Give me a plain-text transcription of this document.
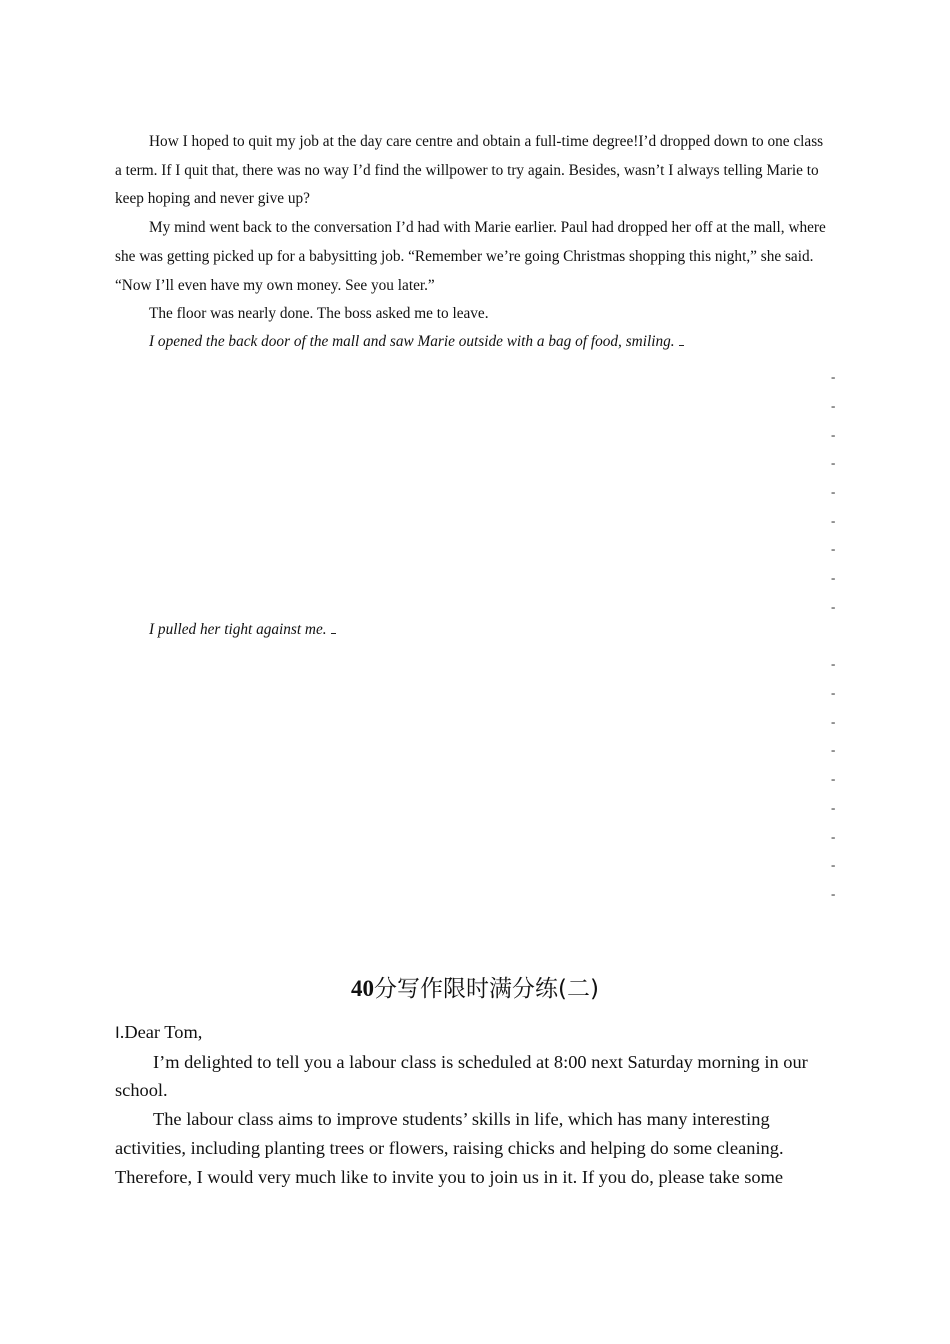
How I hoped to quit my job at the day care centre and obtain a full-time degree!I’d dropped down to one class a term. If I quit that, there was no way I’d find the willpower to try again. Besides, wasn’t I always telling Marie to keep hoping and never give up?

My mind went back to the conversation I’d had with Marie earlier. Paul had dropped her off at the mall, where she was getting picked up for a babysitting job. “Remember we’re going Christmas shopping this night,” she said. “Now I’ll even have my own money. See you later.”

The floor was nearly done. The boss asked me to leave.

I opened the back door of the mall and saw Marie outside with a bag of food, smiling.
-
-
-
-
-
-
-
-
-
I pulled her tight against me.
-
-
-
-
-
-
-
-
-
40分写作限时满分练(二)

Ⅰ.Dear Tom,

I’m delighted to tell you a labour class is scheduled at 8:00 next Saturday morning in our school.

The labour class aims to improve students’ skills in life, which has many interesting activities, including planting trees or flowers, raising chicks and helping do some cleaning. Therefore, I would very much like to invite you to join us in it. If you do, please take some
